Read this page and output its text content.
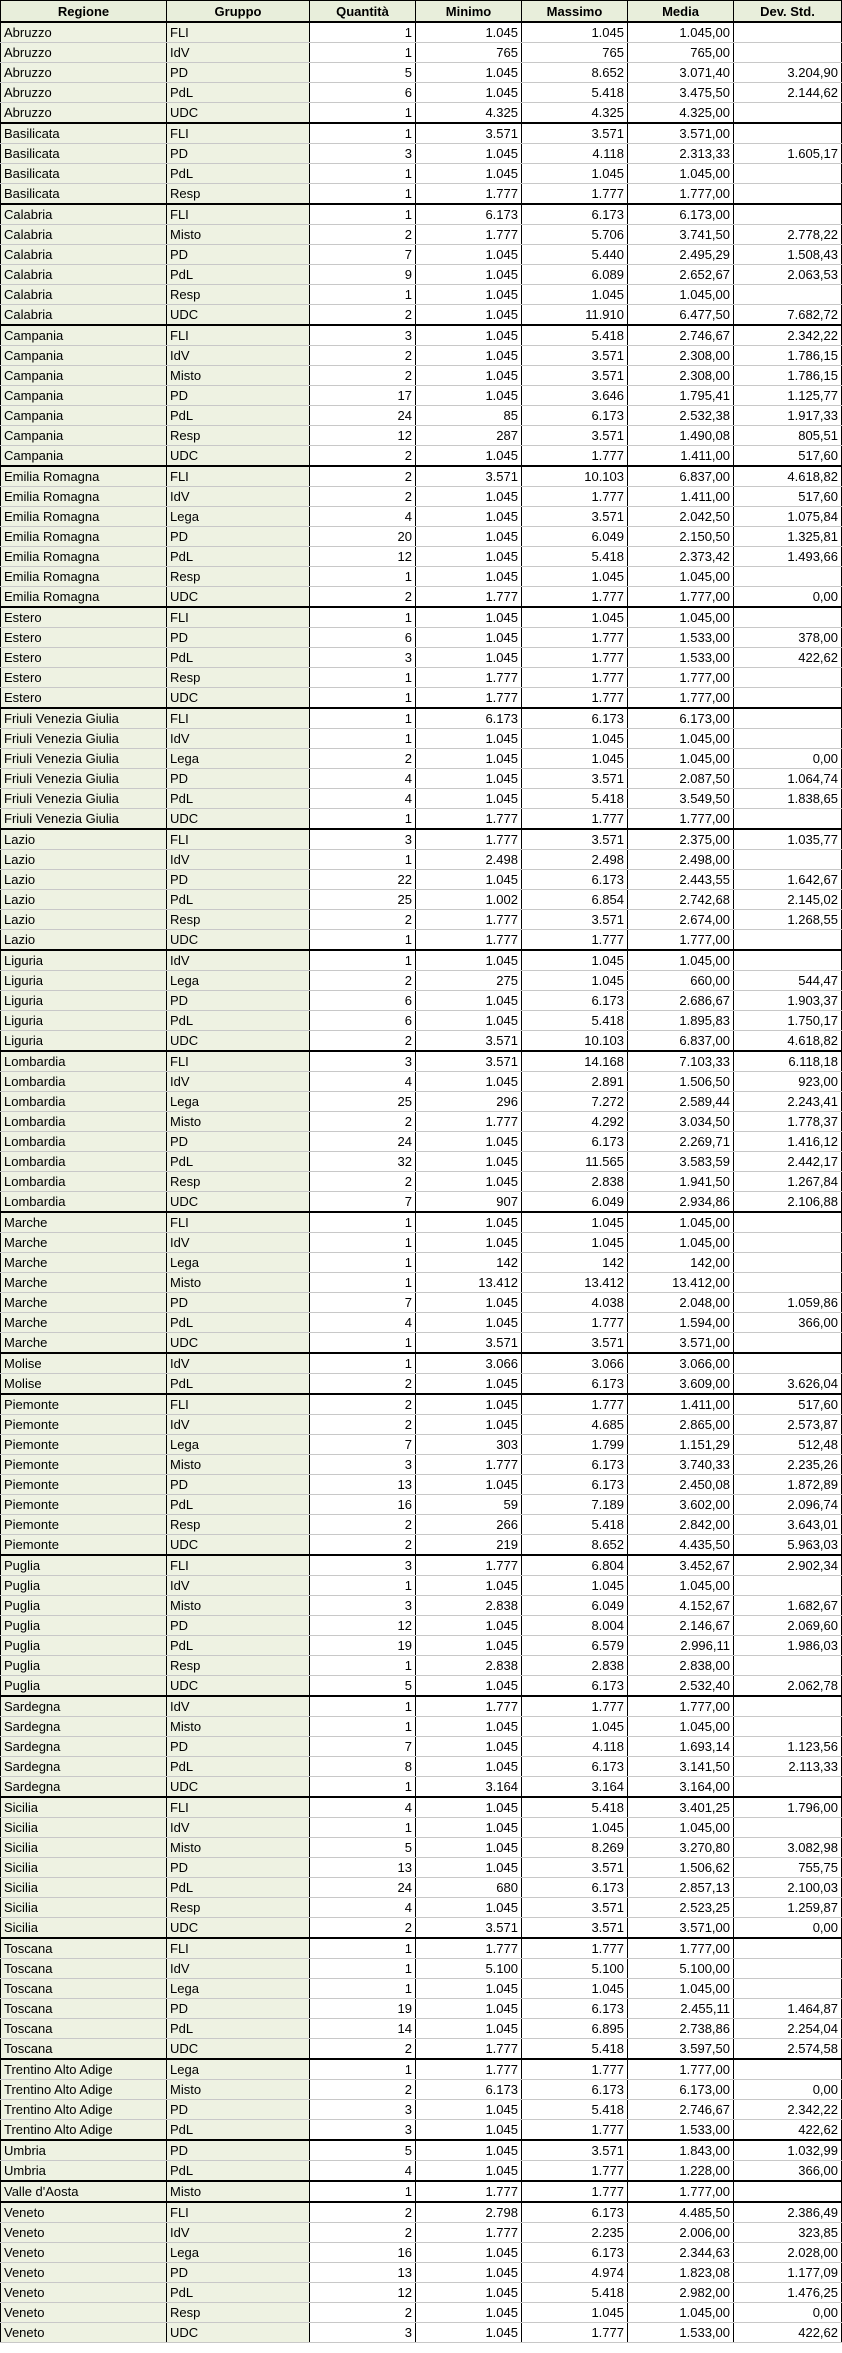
Regione	Gruppo	Quantità	Minimo	Massimo	Media	Dev. Std.
Abruzzo	FLI	1	1.045	1.045	1.045,00	
Abruzzo	IdV	1	765	765	765,00	
Abruzzo	PD	5	1.045	8.652	3.071,40	3.204,90
Abruzzo	PdL	6	1.045	5.418	3.475,50	2.144,62
Abruzzo	UDC	1	4.325	4.325	4.325,00	
Basilicata	FLI	1	3.571	3.571	3.571,00	
Basilicata	PD	3	1.045	4.118	2.313,33	1.605,17
Basilicata	PdL	1	1.045	1.045	1.045,00	
Basilicata	Resp	1	1.777	1.777	1.777,00	
Calabria	FLI	1	6.173	6.173	6.173,00	
Calabria	Misto	2	1.777	5.706	3.741,50	2.778,22
Calabria	PD	7	1.045	5.440	2.495,29	1.508,43
Calabria	PdL	9	1.045	6.089	2.652,67	2.063,53
Calabria	Resp	1	1.045	1.045	1.045,00	
Calabria	UDC	2	1.045	11.910	6.477,50	7.682,72
Campania	FLI	3	1.045	5.418	2.746,67	2.342,22
Campania	IdV	2	1.045	3.571	2.308,00	1.786,15
Campania	Misto	2	1.045	3.571	2.308,00	1.786,15
Campania	PD	17	1.045	3.646	1.795,41	1.125,77
Campania	PdL	24	85	6.173	2.532,38	1.917,33
Campania	Resp	12	287	3.571	1.490,08	805,51
Campania	UDC	2	1.045	1.777	1.411,00	517,60
Emilia Romagna	FLI	2	3.571	10.103	6.837,00	4.618,82
Emilia Romagna	IdV	2	1.045	1.777	1.411,00	517,60
Emilia Romagna	Lega	4	1.045	3.571	2.042,50	1.075,84
Emilia Romagna	PD	20	1.045	6.049	2.150,50	1.325,81
Emilia Romagna	PdL	12	1.045	5.418	2.373,42	1.493,66
Emilia Romagna	Resp	1	1.045	1.045	1.045,00	
Emilia Romagna	UDC	2	1.777	1.777	1.777,00	0,00
Estero	FLI	1	1.045	1.045	1.045,00	
Estero	PD	6	1.045	1.777	1.533,00	378,00
Estero	PdL	3	1.045	1.777	1.533,00	422,62
Estero	Resp	1	1.777	1.777	1.777,00	
Estero	UDC	1	1.777	1.777	1.777,00	
Friuli Venezia Giulia	FLI	1	6.173	6.173	6.173,00	
Friuli Venezia Giulia	IdV	1	1.045	1.045	1.045,00	
Friuli Venezia Giulia	Lega	2	1.045	1.045	1.045,00	0,00
Friuli Venezia Giulia	PD	4	1.045	3.571	2.087,50	1.064,74
Friuli Venezia Giulia	PdL	4	1.045	5.418	3.549,50	1.838,65
Friuli Venezia Giulia	UDC	1	1.777	1.777	1.777,00	
Lazio	FLI	3	1.777	3.571	2.375,00	1.035,77
Lazio	IdV	1	2.498	2.498	2.498,00	
Lazio	PD	22	1.045	6.173	2.443,55	1.642,67
Lazio	PdL	25	1.002	6.854	2.742,68	2.145,02
Lazio	Resp	2	1.777	3.571	2.674,00	1.268,55
Lazio	UDC	1	1.777	1.777	1.777,00	
Liguria	IdV	1	1.045	1.045	1.045,00	
Liguria	Lega	2	275	1.045	660,00	544,47
Liguria	PD	6	1.045	6.173	2.686,67	1.903,37
Liguria	PdL	6	1.045	5.418	1.895,83	1.750,17
Liguria	UDC	2	3.571	10.103	6.837,00	4.618,82
Lombardia	FLI	3	3.571	14.168	7.103,33	6.118,18
Lombardia	IdV	4	1.045	2.891	1.506,50	923,00
Lombardia	Lega	25	296	7.272	2.589,44	2.243,41
Lombardia	Misto	2	1.777	4.292	3.034,50	1.778,37
Lombardia	PD	24	1.045	6.173	2.269,71	1.416,12
Lombardia	PdL	32	1.045	11.565	3.583,59	2.442,17
Lombardia	Resp	2	1.045	2.838	1.941,50	1.267,84
Lombardia	UDC	7	907	6.049	2.934,86	2.106,88
Marche	FLI	1	1.045	1.045	1.045,00	
Marche	IdV	1	1.045	1.045	1.045,00	
Marche	Lega	1	142	142	142,00	
Marche	Misto	1	13.412	13.412	13.412,00	
Marche	PD	7	1.045	4.038	2.048,00	1.059,86
Marche	PdL	4	1.045	1.777	1.594,00	366,00
Marche	UDC	1	3.571	3.571	3.571,00	
Molise	IdV	1	3.066	3.066	3.066,00	
Molise	PdL	2	1.045	6.173	3.609,00	3.626,04
Piemonte	FLI	2	1.045	1.777	1.411,00	517,60
Piemonte	IdV	2	1.045	4.685	2.865,00	2.573,87
Piemonte	Lega	7	303	1.799	1.151,29	512,48
Piemonte	Misto	3	1.777	6.173	3.740,33	2.235,26
Piemonte	PD	13	1.045	6.173	2.450,08	1.872,89
Piemonte	PdL	16	59	7.189	3.602,00	2.096,74
Piemonte	Resp	2	266	5.418	2.842,00	3.643,01
Piemonte	UDC	2	219	8.652	4.435,50	5.963,03
Puglia	FLI	3	1.777	6.804	3.452,67	2.902,34
Puglia	IdV	1	1.045	1.045	1.045,00	
Puglia	Misto	3	2.838	6.049	4.152,67	1.682,67
Puglia	PD	12	1.045	8.004	2.146,67	2.069,60
Puglia	PdL	19	1.045	6.579	2.996,11	1.986,03
Puglia	Resp	1	2.838	2.838	2.838,00	
Puglia	UDC	5	1.045	6.173	2.532,40	2.062,78
Sardegna	IdV	1	1.777	1.777	1.777,00	
Sardegna	Misto	1	1.045	1.045	1.045,00	
Sardegna	PD	7	1.045	4.118	1.693,14	1.123,56
Sardegna	PdL	8	1.045	6.173	3.141,50	2.113,33
Sardegna	UDC	1	3.164	3.164	3.164,00	
Sicilia	FLI	4	1.045	5.418	3.401,25	1.796,00
Sicilia	IdV	1	1.045	1.045	1.045,00	
Sicilia	Misto	5	1.045	8.269	3.270,80	3.082,98
Sicilia	PD	13	1.045	3.571	1.506,62	755,75
Sicilia	PdL	24	680	6.173	2.857,13	2.100,03
Sicilia	Resp	4	1.045	3.571	2.523,25	1.259,87
Sicilia	UDC	2	3.571	3.571	3.571,00	0,00
Toscana	FLI	1	1.777	1.777	1.777,00	
Toscana	IdV	1	5.100	5.100	5.100,00	
Toscana	Lega	1	1.045	1.045	1.045,00	
Toscana	PD	19	1.045	6.173	2.455,11	1.464,87
Toscana	PdL	14	1.045	6.895	2.738,86	2.254,04
Toscana	UDC	2	1.777	5.418	3.597,50	2.574,58
Trentino Alto Adige	Lega	1	1.777	1.777	1.777,00	
Trentino Alto Adige	Misto	2	6.173	6.173	6.173,00	0,00
Trentino Alto Adige	PD	3	1.045	5.418	2.746,67	2.342,22
Trentino Alto Adige	PdL	3	1.045	1.777	1.533,00	422,62
Umbria	PD	5	1.045	3.571	1.843,00	1.032,99
Umbria	PdL	4	1.045	1.777	1.228,00	366,00
Valle d'Aosta	Misto	1	1.777	1.777	1.777,00	
Veneto	FLI	2	2.798	6.173	4.485,50	2.386,49
Veneto	IdV	2	1.777	2.235	2.006,00	323,85
Veneto	Lega	16	1.045	6.173	2.344,63	2.028,00
Veneto	PD	13	1.045	4.974	1.823,08	1.177,09
Veneto	PdL	12	1.045	5.418	2.982,00	1.476,25
Veneto	Resp	2	1.045	1.045	1.045,00	0,00
Veneto	UDC	3	1.045	1.777	1.533,00	422,62
